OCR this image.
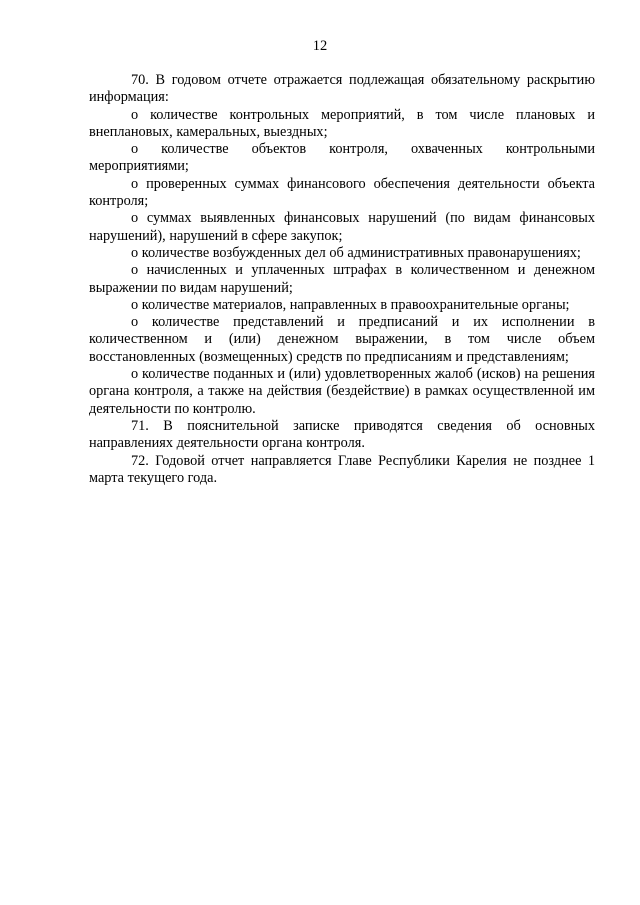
12

70. В годовом отчете отражается подлежащая обязательному раскрытию информация:

о количестве контрольных мероприятий, в том числе плановых и внеплановых, камеральных, выездных;

о количестве объектов контроля, охваченных контрольными мероприятиями;

о проверенных суммах финансового обеспечения деятельности объекта контроля;

о суммах выявленных финансовых нарушений (по видам финансовых нарушений), нарушений в сфере закупок;

о количестве возбужденных дел об административных правонарушениях;

о начисленных и уплаченных штрафах в количественном и денежном выражении по видам нарушений;

о количестве материалов, направленных в правоохранительные органы;

о количестве представлений и предписаний и их исполнении в количественном и (или) денежном выражении, в том числе объем восстановленных (возмещенных) средств по предписаниям и представлениям;

о количестве поданных и (или) удовлетворенных жалоб (исков) на решения органа контроля, а также на действия (бездействие) в рамках осуществленной им деятельности по контролю.

71. В пояснительной записке приводятся сведения об основных направлениях деятельности органа контроля.

72. Годовой отчет направляется Главе Республики Карелия не позднее 1 марта текущего года.
